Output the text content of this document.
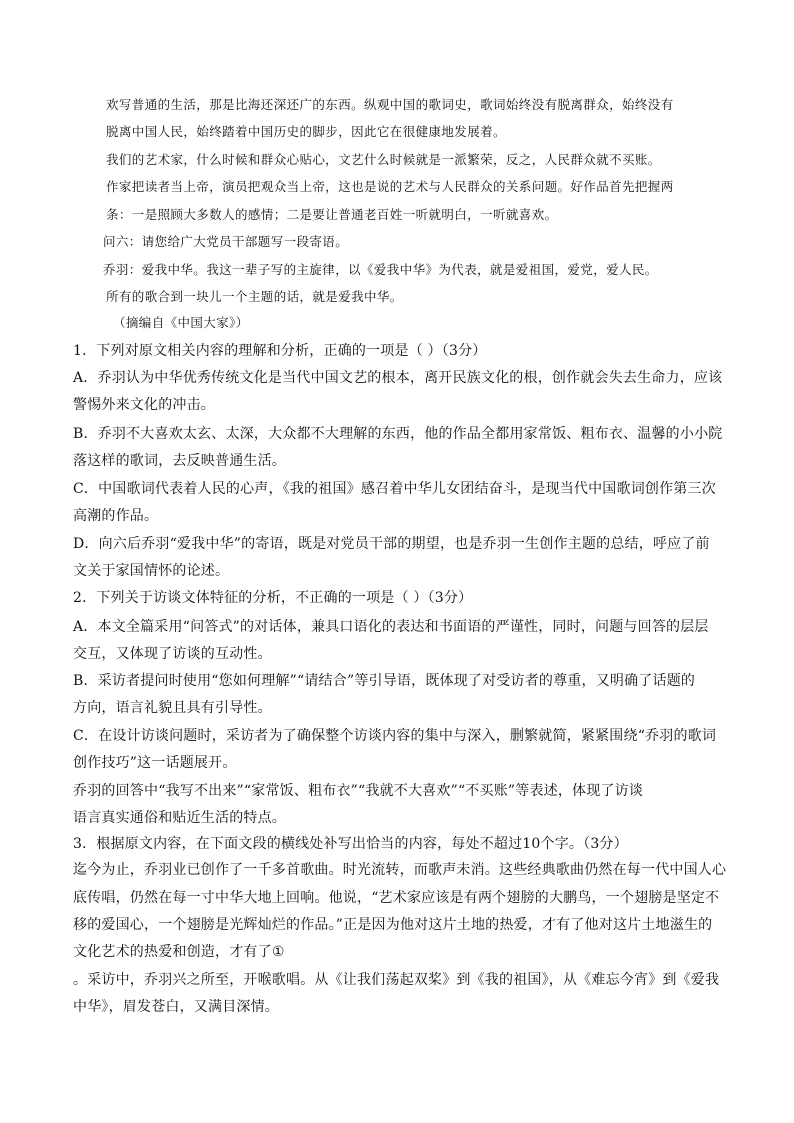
欢写普通的生活，那是比海还深还广的东西。纵观中国的歌词史，歌词始终没有脱离群众，始终没有
脱离中国人民，始终踏着中国历史的脚步，因此它在很健康地发展着。
我们的艺术家，什么时候和群众心贴心，文艺什么时候就是一派繁荣，反之，人民群众就不买账。
作家把读者当上帝，演员把观众当上帝，这也是说的艺术与人民群众的关系问题。好作品首先把握两
条：一是照顾大多数人的感情；二是要让普通老百姓一听就明白，一听就喜欢。
问六：请您给广大党员干部题写一段寄语。
乔羽：爱我中华。我这一辈子写的主旋律，以《爱我中华》为代表，就是爱祖国，爱党，爱人民。
所有的歌合到一块儿一个主题的话，就是爱我中华。
（摘编自《中国大家》）
1．下列对原文相关内容的理解和分析，正确的一项是（ ）（3分）
A．乔羽认为中华优秀传统文化是当代中国文艺的根本，离开民族文化的根，创作就会失去生命力，应该
警惕外来文化的冲击。
B．乔羽不大喜欢太玄、太深，大众都不大理解的东西，他的作品全都用家常饭、粗布衣、温馨的小小院
落这样的歌词，去反映普通生活。
C．中国歌词代表着人民的心声，《我的祖国》感召着中华儿女团结奋斗，是现当代中国歌词创作第三次
高潮的作品。
D．向六后乔羽“爱我中华”的寄语，既是对党员干部的期望，也是乔羽一生创作主题的总结，呼应了前
文关于家国情怀的论述。
2．下列关于访谈文体特征的分析，不正确的一项是（ ）（3分）
A．本文全篇采用“问答式”的对话体，兼具口语化的表达和书面语的严谨性，同时，问题与回答的层层
交互，又体现了访谈的互动性。
B．采访者提问时使用“您如何理解”“请结合”等引导语，既体现了对受访者的尊重，又明确了话题的
方向，语言礼貌且具有引导性。
C．在设计访谈问题时，采访者为了确保整个访谈内容的集中与深入，删繁就简，紧紧围绕“乔羽的歌词
创作技巧”这一话题展开。
乔羽的回答中“我写不出来”“家常饭、粗布衣”“我就不大喜欢”“不买账”等表述，体现了访谈
语言真实通俗和贴近生活的特点。
3．根据原文内容，在下面文段的横线处补写出恰当的内容，每处不超过10个字。（3分）
迄今为止，乔羽业已创作了一千多首歌曲。时光流转，而歌声未消。这些经典歌曲仍然在每一代中国人心
底传唱，仍然在每一寸中华大地上回响。他说，“艺术家应该是有两个翅膀的大鹏鸟，一个翅膀是坚定不
移的爱国心，一个翅膀是光辉灿烂的作品。”正是因为他对这片土地的热爱，才有了他对这片土地滋生的
文化艺术的热爱和创造，才有了①
。采访中，乔羽兴之所至，开喉歌唱。从《让我们荡起双桨》到《我的祖国》，从《难忘今宵》到《爱我
中华》，眉发苍白，又满目深情。
